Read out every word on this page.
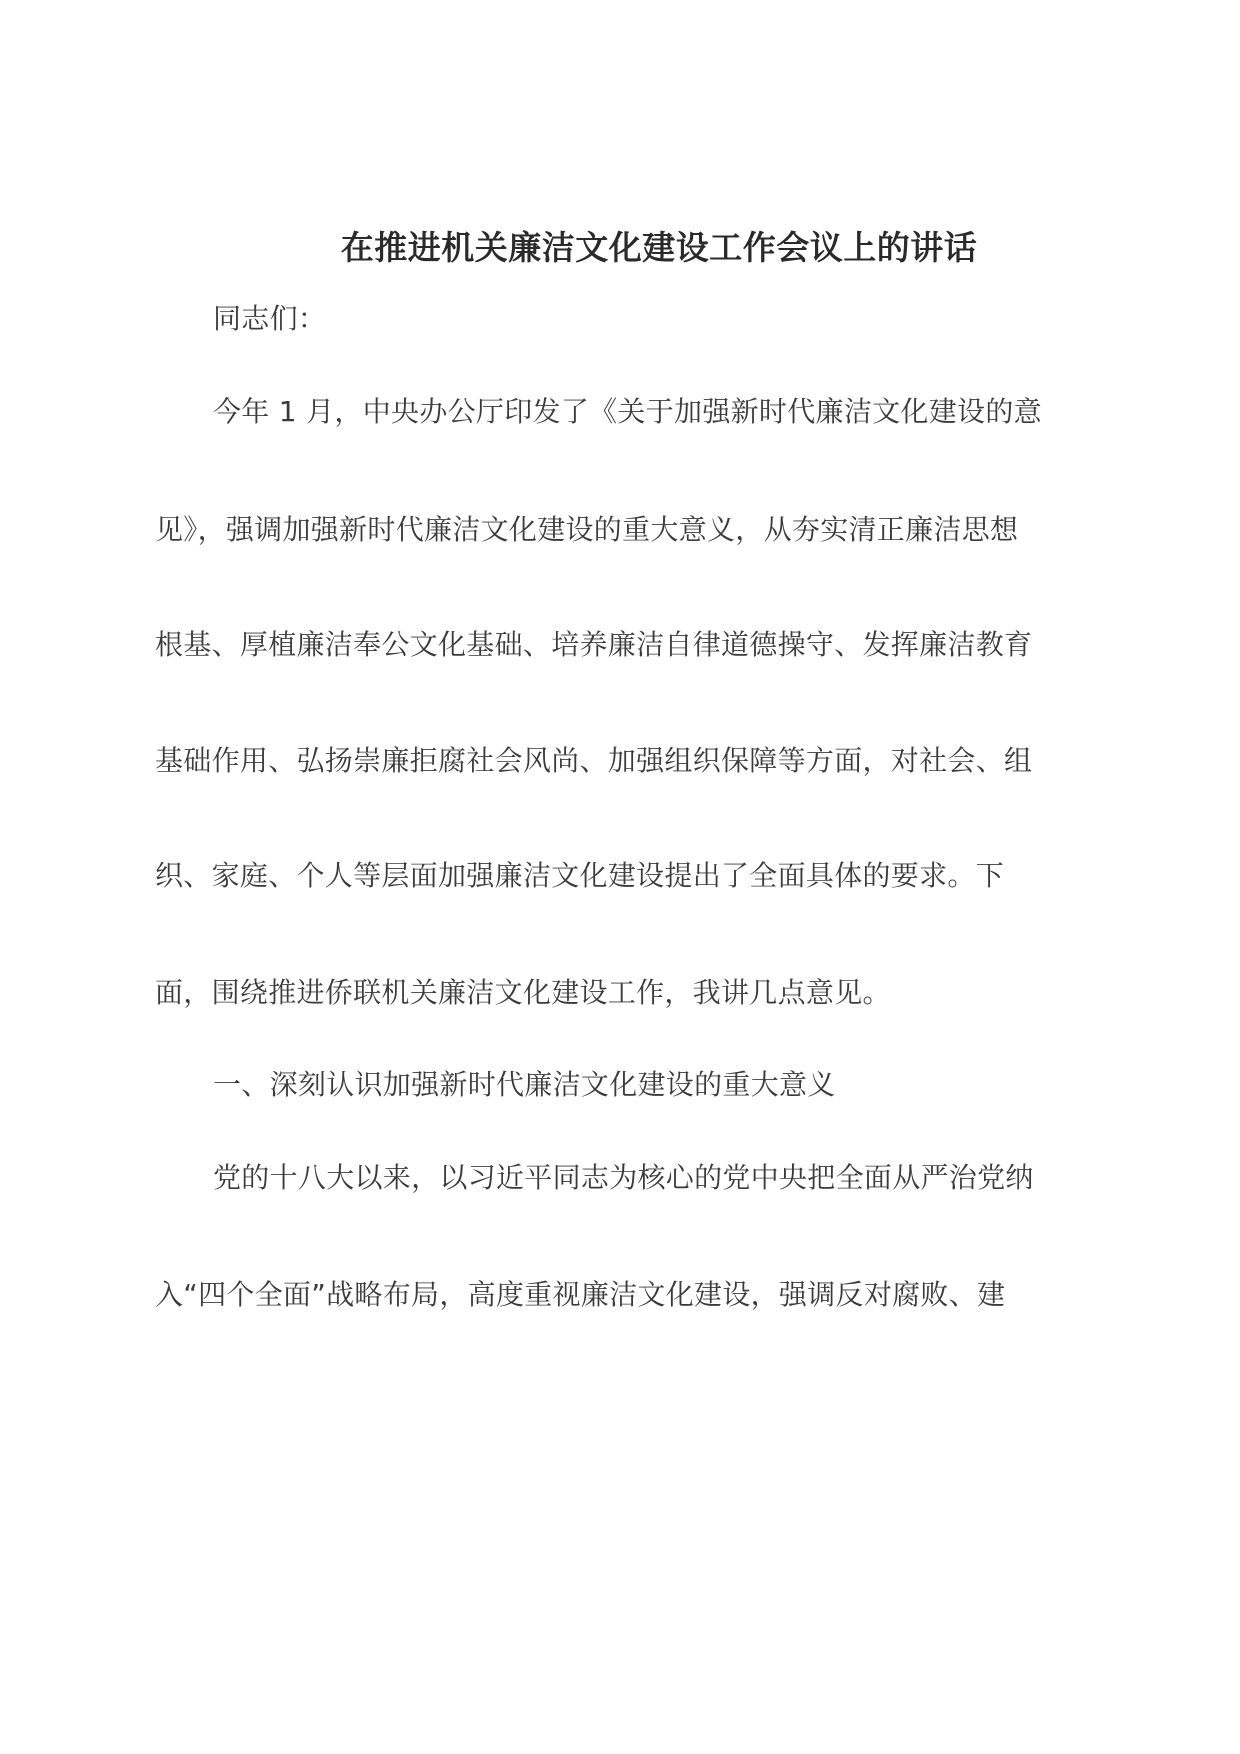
在推进机关廉洁文化建设工作会议上的讲话
同志们：
今年 1 月，中央办公厅印发了《关于加强新时代廉洁文化建设的意
见》，强调加强新时代廉洁文化建设的重大意义，从夯实清正廉洁思想
根基、厚植廉洁奉公文化基础、培养廉洁自律道德操守、发挥廉洁教育
基础作用、弘扬崇廉拒腐社会风尚、加强组织保障等方面，对社会、组
织、家庭、个人等层面加强廉洁文化建设提出了全面具体的要求。下
面，围绕推进侨联机关廉洁文化建设工作，我讲几点意见。
一、深刻认识加强新时代廉洁文化建设的重大意义
党的十八大以来，以习近平同志为核心的党中央把全面从严治党纳
入“四个全面”战略布局，高度重视廉洁文化建设，强调反对腐败、建
